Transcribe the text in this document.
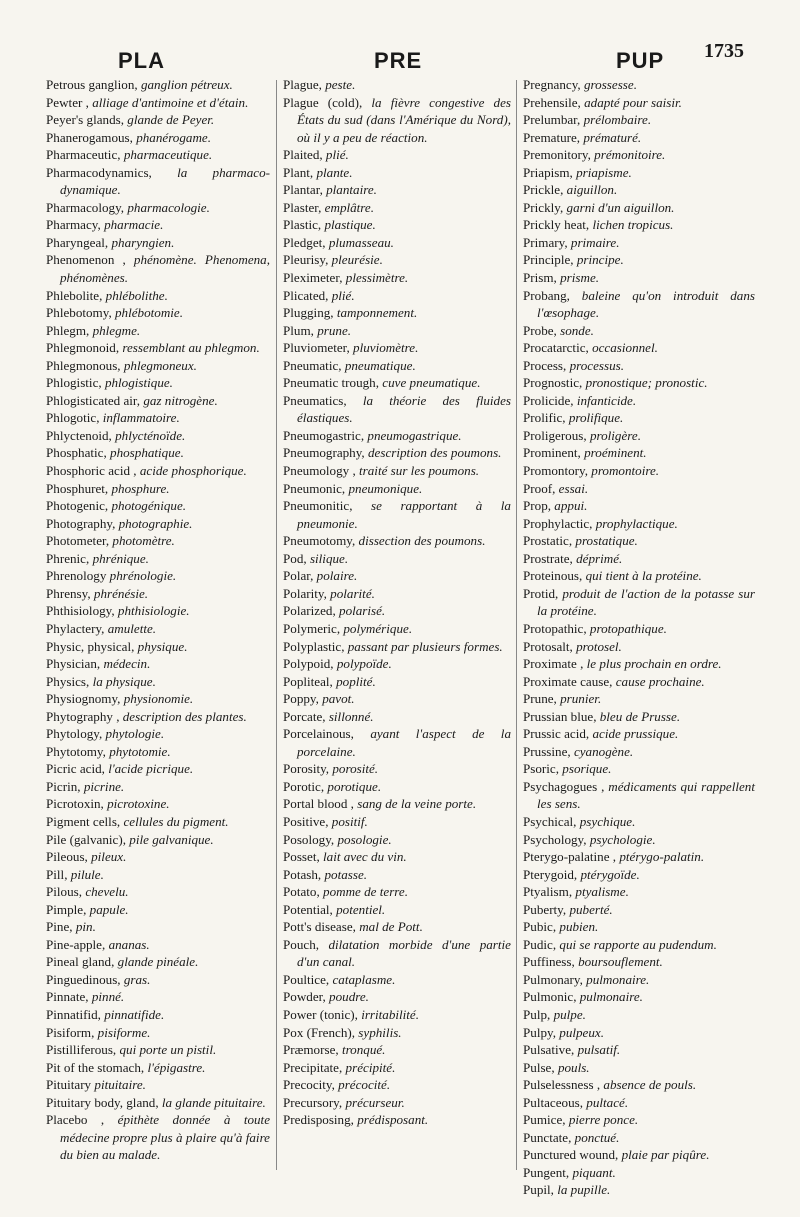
PLA	PRE	PUP 1735
Petrous ganglion, ganglion pétreux.
Pewter , alliage d'antimoine et d'étain.
Peyer's glands, glande de Peyer.
Phanerogamous, phanérogame.
Pharmaceutic, pharmaceutique.
Pharmacodynamics, la pharmaco-dynamique.
Pharmacology, pharmacologie.
Pharmacy, pharmacie.
Pharyngeal, pharyngien.
Phenomenon , phénomène. Phenomena, phénomènes.
Phlebolite, phlébolithe.
Phlebotomy, phlébotomie.
Phlegm, phlegme.
Phlegmonoid, ressemblant au phlegmon.
Phlegmonous, phlegmoneux.
Phlogistic, phlogistique.
Phlogisticated air, gaz nitrogène.
Phlogotic, inflammatoire.
Phlyctenoid, phlycténoïde.
Phosphatic, phosphatique.
Phosphoric acid , acide phosphorique.
Phosphuret, phosphure.
Photogenic, photogénique.
Photography, photographie.
Photometer, photomètre.
Phrenic, phrénique.
Phrenology phrénologie.
Phrensy, phrénésie.
Phthisiology, phthisiologie.
Phylactery, amulette.
Physic, physical, physique.
Physician, médecin.
Physics, la physique.
Physiognomy, physionomie.
Phytography , description des plantes.
Phytology, phytologie.
Phytotomy, phytotomie.
Picric acid, l'acide picrique.
Picrin, picrine.
Picrotoxin, picrotoxine.
Pigment cells, cellules du pigment.
Pile (galvanic), pile galvanique.
Pileous, pileux.
Pill, pilule.
Pilous, chevelu.
Pimple, papule.
Pine, pin.
Pine-apple, ananas.
Pineal gland, glande pinéale.
Pinguedinous, gras.
Pinnate, pinné.
Pinnatifid, pinnatifide.
Pisiform, pisiforme.
Pistilliferous, qui porte un pistil.
Pit of the stomach, l'épigastre.
Pituitary pituitaire.
Pituitary body, gland, la glande pituitaire.
Placebo , épithète donnée à toute médecine propre plus à plaire qu'à faire du bien au malade.
Plague, peste.
Plague (cold), la fièvre congestive des États du sud (dans l'Amérique du Nord), où il y a peu de réaction.
Plaited, plié.
Plant, plante.
Plantar, plantaire.
Plaster, emplâtre.
Plastic, plastique.
Pledget, plumasseau.
Pleurisy, pleurésie.
Pleximeter, plessimètre.
Plicated, plié.
Plugging, tamponnement.
Plum, prune.
Pluviometer, pluviomètre.
Pneumatic, pneumatique.
Pneumatic trough, cuve pneumatique.
Pneumatics, la théorie des fluides élastiques.
Pneumogastric, pneumogastrique.
Pneumography, description des poumons.
Pneumology , traité sur les poumons.
Pneumonic, pneumonique.
Pneumonitic, se rapportant à la pneumonie.
Pneumotomy, dissection des poumons.
Pod, silique.
Polar, polaire.
Polarity, polarité.
Polarized, polarisé.
Polymeric, polymérique.
Polyplastic, passant par plusieurs formes.
Polypoid, polypoïde.
Popliteal, poplité.
Poppy, pavot.
Porcate, sillonné.
Porcelainous, ayant l'aspect de la porcelaine.
Porosity, porosité.
Porotic, porotique.
Portal blood , sang de la veine porte.
Positive, positif.
Posology, posologie.
Posset, lait avec du vin.
Potash, potasse.
Potato, pomme de terre.
Potential, potentiel.
Pott's disease, mal de Pott.
Pouch, dilatation morbide d'une partie d'un canal.
Poultice, cataplasme.
Powder, poudre.
Power (tonic), irritabilité.
Pox (French), syphilis.
Præmorse, tronqué.
Precipitate, précipité.
Precocity, précocité.
Precursory, précurseur.
Predisposing, prédisposant.
Pregnancy, grossesse.
Prehensile, adapté pour saisir.
Prelumbar, prélombaire.
Premature, prématuré.
Premonitory, prémonitoire.
Priapism, priapisme.
Prickle, aiguillon.
Prickly, garni d'un aiguillon.
Prickly heat, lichen tropicus.
Primary, primaire.
Principle, principe.
Prism, prisme.
Probang, baleine qu'on introduit dans l'œsophage.
Probe, sonde.
Procatarctic, occasionnel.
Process, processus.
Prognostic, pronostique; pronostic.
Prolicide, infanticide.
Prolific, prolifique.
Proligerous, proligère.
Prominent, proéminent.
Promontory, promontoire.
Proof, essai.
Prop, appui.
Prophylactic, prophylactique.
Prostatic, prostatique.
Prostrate, déprimé.
Proteinous, qui tient à la protéine.
Protid, produit de l'action de la potasse sur la protéine.
Protopathic, protopathique.
Protosalt, protosel.
Proximate , le plus prochain en ordre.
Proximate cause, cause prochaine.
Prune, prunier.
Prussian blue, bleu de Prusse.
Prussic acid, acide prussique.
Prussine, cyanogène.
Psoric, psorique.
Psychagogues , médicaments qui rappellent les sens.
Psychical, psychique.
Psychology, psychologie.
Pterygo-palatine , ptérygo-palatin.
Pterygoid, ptérygoïde.
Ptyalism, ptyalisme.
Puberty, puberté.
Pubic, pubien.
Pudic, qui se rapporte au pudendum.
Puffiness, boursouflement.
Pulmonary, pulmonaire.
Pulmonic, pulmonaire.
Pulp, pulpe.
Pulpy, pulpeux.
Pulsative, pulsatif.
Pulse, pouls.
Pulselessness , absence de pouls.
Pultaceous, pultacé.
Pumice, pierre ponce.
Punctate, ponctué.
Punctured wound, plaie par piqûre.
Pungent, piquant.
Pupil, la pupille.
